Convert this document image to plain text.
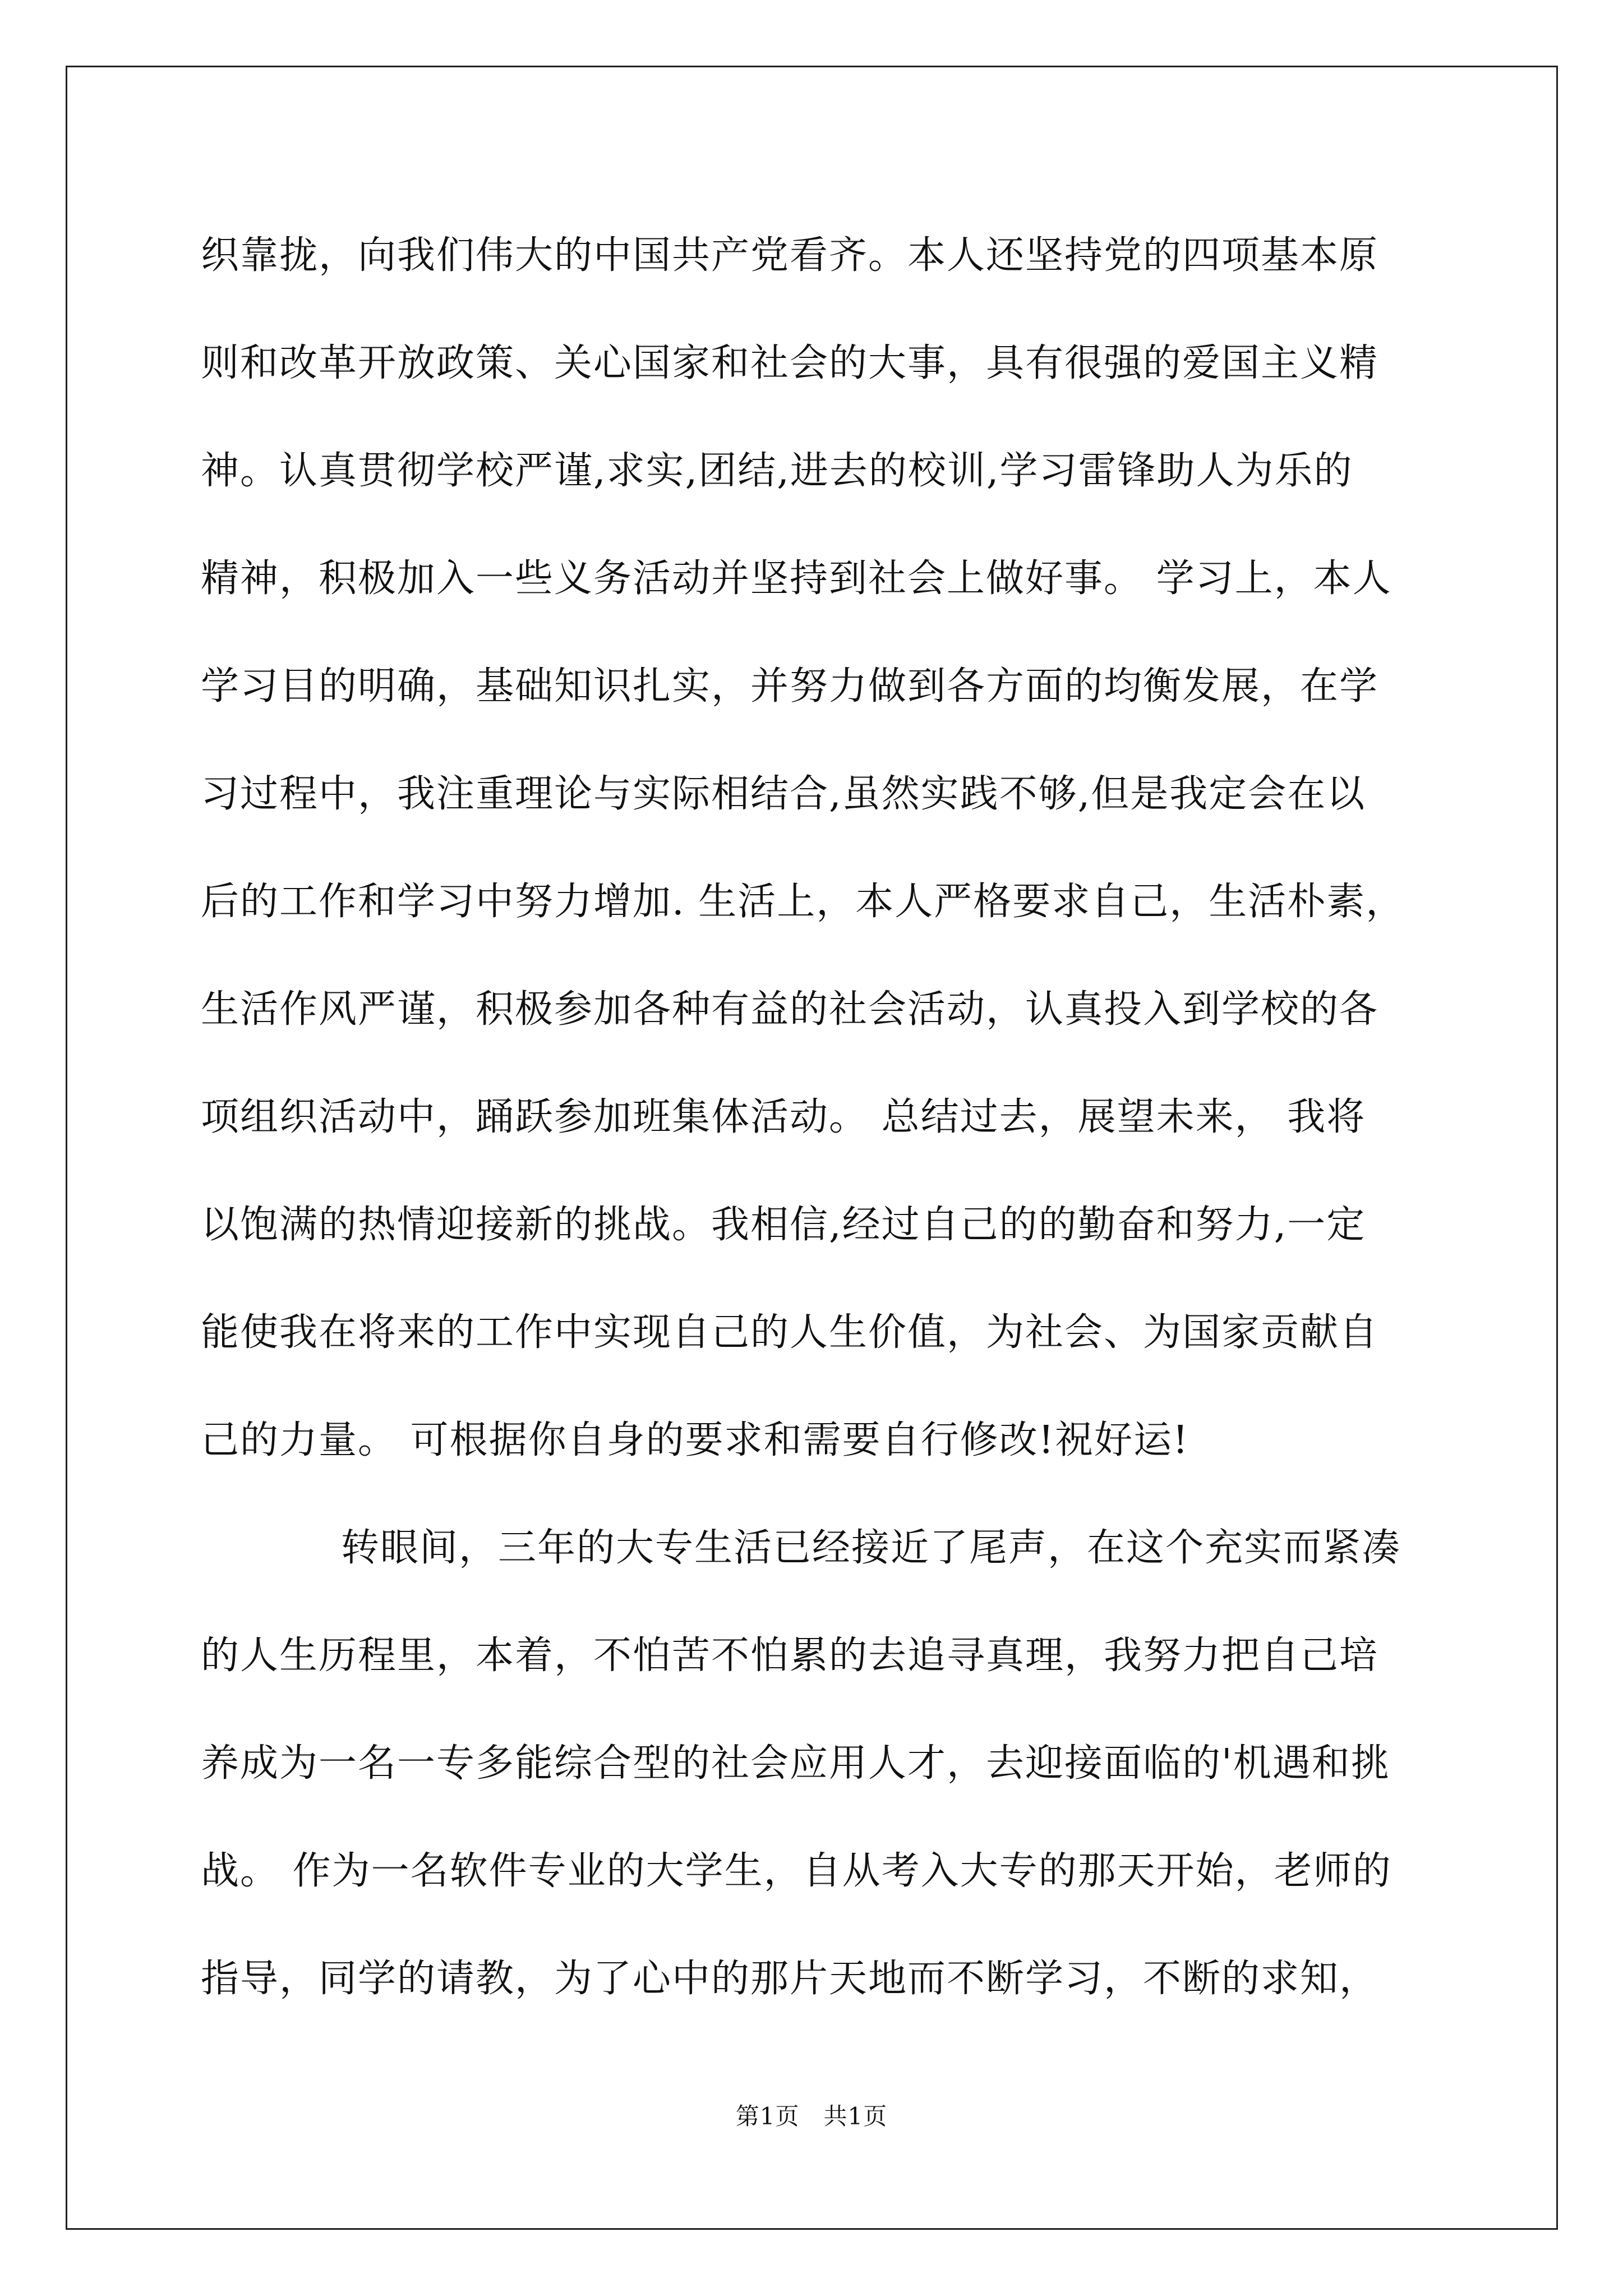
织靠拢，向我们伟大的中国共产党看齐。本人还坚持党的四项基本原
则和改革开放政策、关心国家和社会的大事，具有很强的爱国主义精
神。认真贯彻学校严谨,求实,团结,进去的校训,学习雷锋助人为乐的
精神，积极加入一些义务活动并坚持到社会上做好事。 学习上，本人
学习目的明确，基础知识扎实，并努力做到各方面的均衡发展，在学
习过程中，我注重理论与实际相结合,虽然实践不够,但是我定会在以
后的工作和学习中努力增加. 生活上，本人严格要求自己，生活朴素，
生活作风严谨，积极参加各种有益的社会活动，认真投入到学校的各
项组织活动中，踊跃参加班集体活动。 总结过去，展望未来， 我将
以饱满的热情迎接新的挑战。我相信,经过自己的的勤奋和努力,一定
能使我在将来的工作中实现自己的人生价值，为社会、为国家贡献自
己的力量。 可根据你自身的要求和需要自行修改!祝好运!
转眼间，三年的大专生活已经接近了尾声，在这个充实而紧凑
的人生历程里，本着，不怕苦不怕累的去追寻真理，我努力把自己培
养成为一名一专多能综合型的社会应用人才，去迎接面临的'机遇和挑
战。 作为一名软件专业的大学生，自从考入大专的那天开始，老师的
指导，同学的请教，为了心中的那片天地而不断学习，不断的求知，
第1页   共1页
